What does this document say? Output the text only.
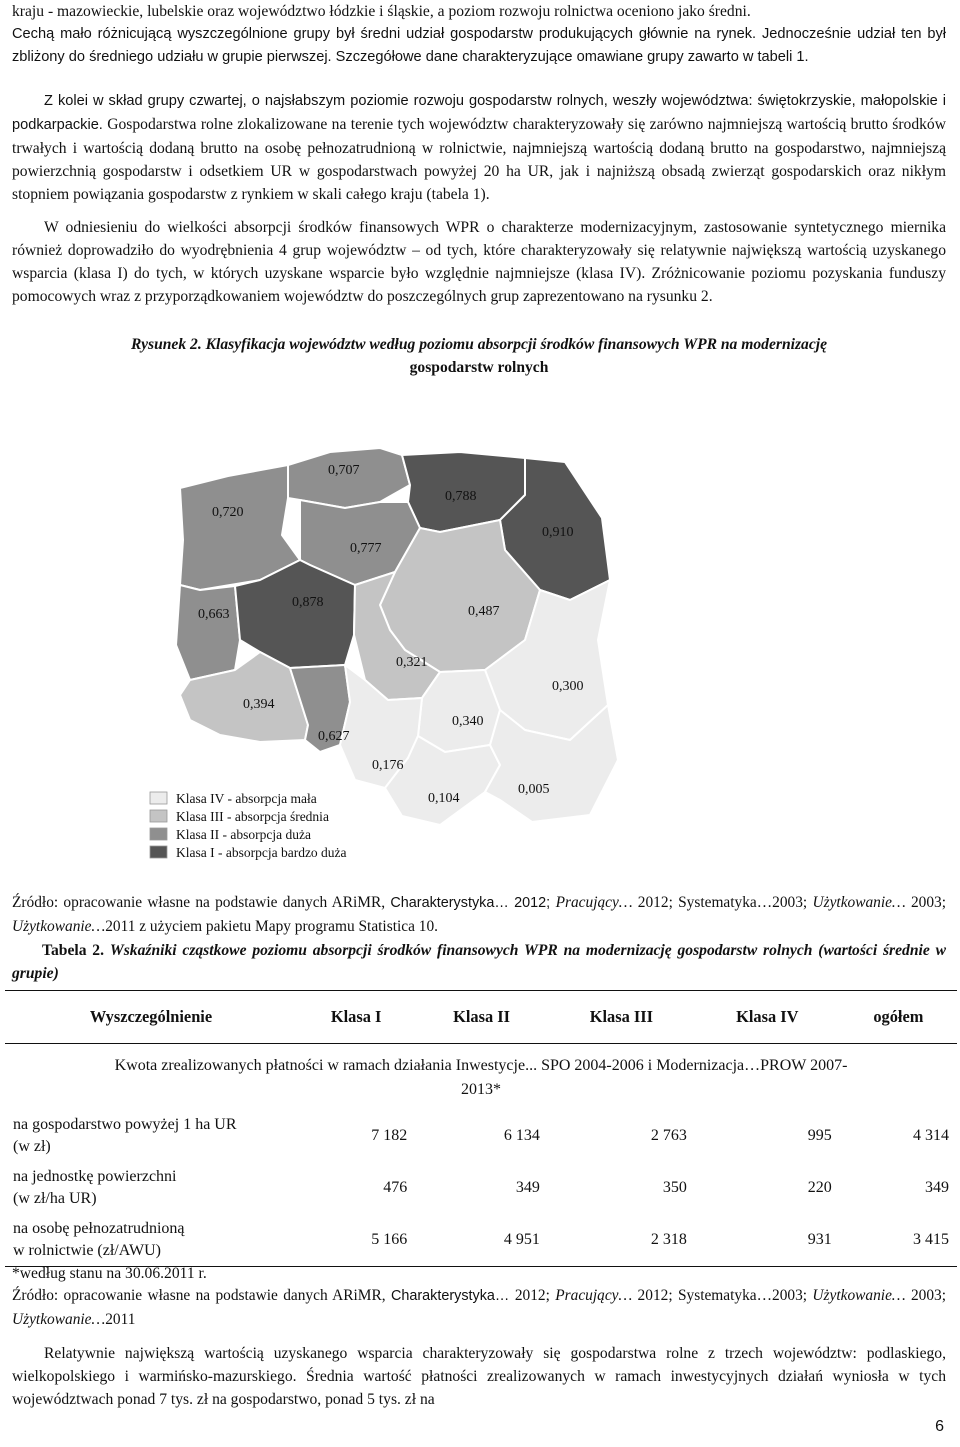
kraju - mazowieckie, lubelskie oraz województwo łódzkie i śląskie, a poziom rozwoju rolnictwa oceniono jako średni.

Cechą mało różnicującą wyszczególnione grupy był średni udział gospodarstw produkujących głównie na rynek. Jednocześnie udział ten był zbliżony do średniego udziału w grupie pierwszej. Szczegółowe dane charakteryzujące omawiane grupy zawarto w tabeli 1.

Z kolei w skład grupy czwartej, o najsłabszym poziomie rozwoju gospodarstw rolnych, weszły województwa: świętokrzyskie, małopolskie i podkarpackie. Gospodarstwa rolne zlokalizowane na terenie tych województw charakteryzowały się zarówno najmniejszą wartością brutto środków trwałych i wartością dodaną brutto na osobę pełnozatrudnioną w rolnictwie, najmniejszą wartością dodaną brutto na gospodarstwo, najmniejszą powierzchnią gospodarstw i odsetkiem UR w gospodarstwach powyżej 20 ha UR, jak i najniższą obsadą zwierząt gospodarskich oraz nikłym stopniem powiązania gospodarstw z rynkiem w skali całego kraju (tabela 1).

W odniesieniu do wielkości absorpcji środków finansowych WPR o charakterze modernizacyjnym, zastosowanie syntetycznego miernika również doprowadziło do wyodrębnienia 4 grup województw – od tych, które charakteryzowały się relatywnie największą wartością uzyskanego wsparcia (klasa I) do tych, w których uzyskane wsparcie było względnie najmniejsze (klasa IV). Zróżnicowanie poziomu pozyskania funduszy pomocowych wraz z przyporządkowaniem województw do poszczególnych grup zaprezentowano na rysunku 2.

Rysunek 2. Klasyfikacja województw według poziomu absorpcji środków finansowych WPR na modernizację
gospodarstw rolnych
0,720
0,707
0,788
0,910
0,777
0,663
0,878
0,487
0,321
0,300
0,394
0,340
0,627
0,176
0,104
0,005
Klasa IV - absorpcja mała
Klasa III - absorpcja średnia
Klasa II - absorpcja duża
Klasa I - absorpcja bardzo duża

Źródło: opracowanie własne na podstawie danych ARiMR, Charakterystyka… 2012; Pracujący… 2012; Systematyka…2003; Użytkowanie… 2003; Użytkowanie…2011 z użyciem pakietu Mapy programu Statistica 10.

Tabela 2. Wskaźniki cząstkowe poziomu absorpcji środków finansowych WPR na modernizację gospodarstw rolnych (wartości średnie w grupie)

Wyszczególnienie	Klasa I	Klasa II	Klasa III	Klasa IV	ogółem
Kwota zrealizowanych płatności w ramach działania Inwestycje... SPO 2004-2006 i Modernizacja…PROW 2007-2013*					
na gospodarstwo powyżej 1 ha UR
(w zł)	7 182	6 134	2 763	995	4 314
na jednostkę powierzchni
(w zł/ha UR)	476	349	350	220	349
na osobę pełnozatrudnioną
w rolnictwie (zł/AWU)	5 166	4 951	2 318	931	3 415

*według stanu na 30.06.2011 r.

Źródło: opracowanie własne na podstawie danych ARiMR, Charakterystyka… 2012; Pracujący… 2012; Systematyka…2003; Użytkowanie… 2003; Użytkowanie…2011

Relatywnie największą wartością uzyskanego wsparcia charakteryzowały się gospodarstwa rolne z trzech województw: podlaskiego, wielkopolskiego i warmińsko-mazurskiego. Średnia wartość płatności zrealizowanych w ramach inwestycyjnych działań wyniosła w tych województwach ponad 7 tys. zł na gospodarstwo, ponad 5 tys. zł na

6
